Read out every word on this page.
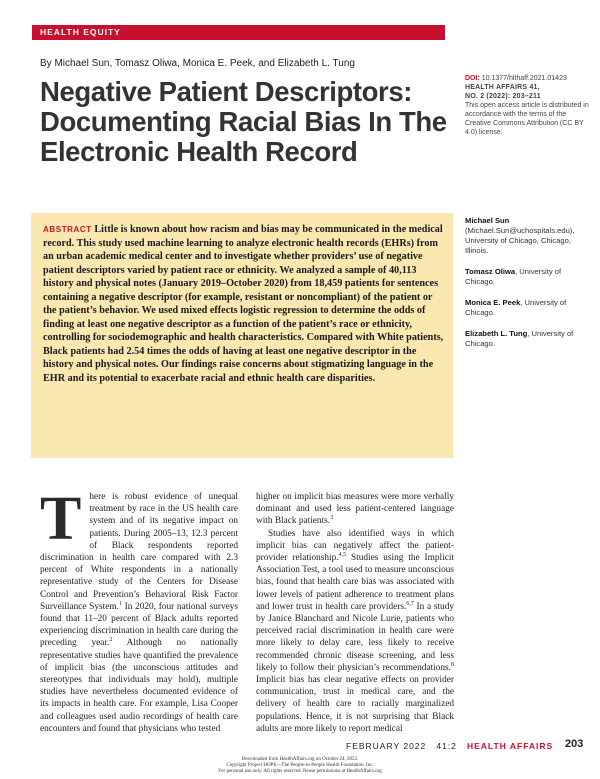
HEALTH EQUITY
By Michael Sun, Tomasz Oliwa, Monica E. Peek, and Elizabeth L. Tung
Negative Patient Descriptors: Documenting Racial Bias In The Electronic Health Record
DOI: 10.1377/hlthaff.2021.01423
HEALTH AFFAIRS 41,
NO. 2 (2022): 203–211
This open access article is distributed in accordance with the terms of the Creative Commons Attribution (CC BY 4.0) license.
ABSTRACT Little is known about how racism and bias may be communicated in the medical record. This study used machine learning to analyze electronic health records (EHRs) from an urban academic medical center and to investigate whether providers’ use of negative patient descriptors varied by patient race or ethnicity. We analyzed a sample of 40,113 history and physical notes (January 2019–October 2020) from 18,459 patients for sentences containing a negative descriptor (for example, resistant or noncompliant) of the patient or the patient’s behavior. We used mixed effects logistic regression to determine the odds of finding at least one negative descriptor as a function of the patient’s race or ethnicity, controlling for sociodemographic and health characteristics. Compared with White patients, Black patients had 2.54 times the odds of having at least one negative descriptor in the history and physical notes. Our findings raise concerns about stigmatizing language in the EHR and its potential to exacerbate racial and ethnic health care disparities.
Michael Sun (Michael.Sun@uchospitals.edu), University of Chicago, Chicago, Illinois.
Tomasz Oliwa, University of Chicago.
Monica E. Peek, University of Chicago.
Elizabeth L. Tung, University of Chicago.
T here is robust evidence of unequal treatment by race in the US health care system and of its negative impact on patients. During 2005–13, 12.3 percent of Black respondents reported discrimination in health care compared with 2.3 percent of White respondents in a nationally representative study of the Centers for Disease Control and Prevention’s Behavioral Risk Factor Surveillance System.$^1$ In 2020, four national surveys found that 11–20 percent of Black adults reported experiencing discrimination in health care during the preceding year.$^2$ Although no nationally representative studies have quantified the prevalence of implicit bias (the unconscious attitudes and stereotypes that individuals may hold), multiple studies have nevertheless documented evidence of its impacts in health care. For example, Lisa Cooper and colleagues used audio recordings of health care encounters and found that physicians who tested

higher on implicit bias measures were more verbally dominant and used less patient-centered language with Black patients.$^3$

Studies have also identified ways in which implicit bias can negatively affect the patient-provider relationship.$^{4,5}$ Studies using the Implicit Association Test, a tool used to measure unconscious bias, found that health care bias was associated with lower levels of patient adherence to treatment plans and lower trust in health care providers.$^{6,7}$ In a study by Janice Blanchard and Nicole Lurie, patients who perceived racial discrimination in health care were more likely to delay care, less likely to receive recommended chronic disease screening, and less likely to follow their physician’s recommendations.$^8$ Implicit bias has clear negative effects on provider communication, trust in medical care, and the delivery of health care to racially marginalized populations. Hence, it is not surprising that Black adults are more likely to report medical

FEBRUARY 2022 41:2 HEALTH AFFAIRS 203
Downloaded from HealthAffairs.org on October 24, 2022.
Copyright Project HOPE—The People-to-People Health Foundation, Inc.
For personal use only. All rights reserved. Reuse permissions at HealthAffairs.org
